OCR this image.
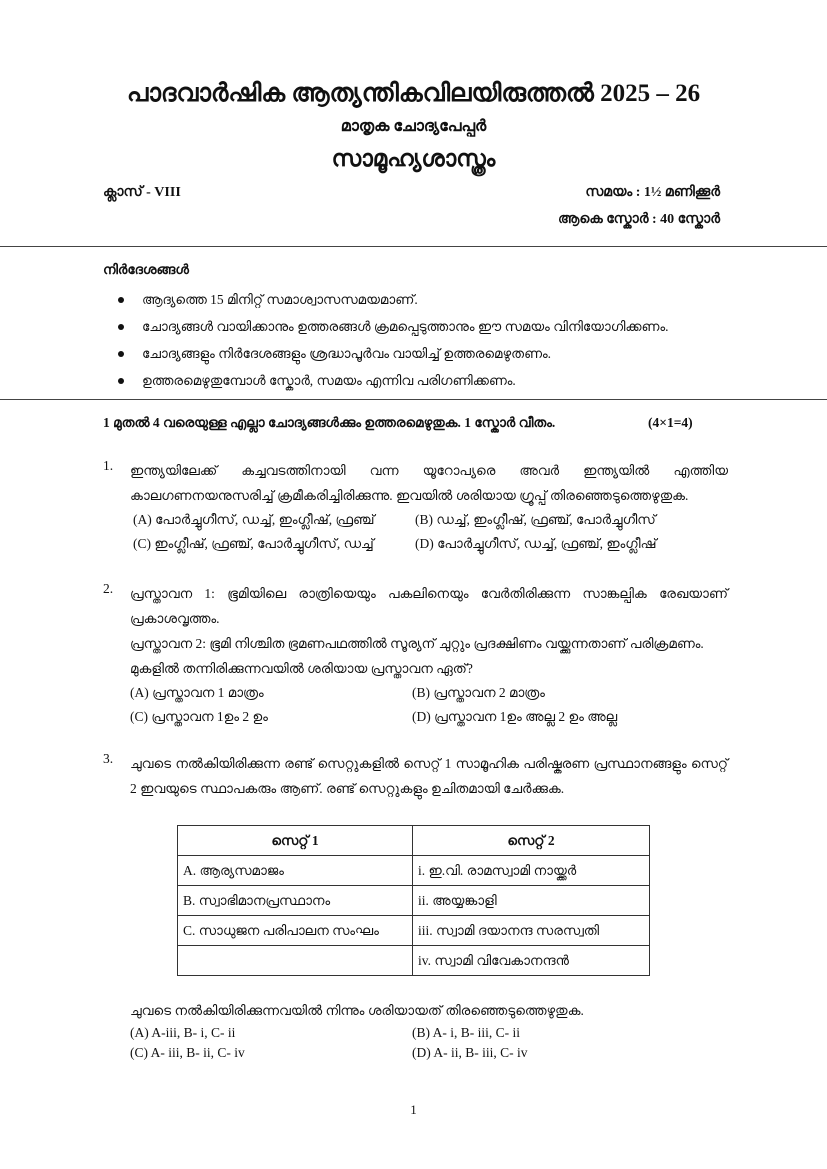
പാദവാർഷിക ആത്യന്തികവിലയിരുത്തൽ 2025 – 26
മാതൃക ചോദ്യപേപ്പർ
സാമൂഹ്യശാസ്ത്രം
ക്ലാസ് - VIII	സമയം : 1½ മണിക്കൂർ
ആകെ സ്കോർ : 40 സ്കോർ
നിർദേശങ്ങൾ
ആദ്യത്തെ 15 മിനിറ്റ് സമാശ്വാസസമയമാണ്.
ചോദ്യങ്ങൾ വായിക്കാനും ഉത്തരങ്ങൾ ക്രമപ്പെടുത്താനും ഈ സമയം വിനിയോഗിക്കണം.
ചോദ്യങ്ങളും നിർദേശങ്ങളും ശ്രദ്ധാപൂർവം വായിച്ച് ഉത്തരമെഴുതണം.
ഉത്തരമെഴുതുമ്പോൾ സ്കോർ, സമയം എന്നിവ പരിഗണിക്കണം.
1 മുതൽ 4 വരെയുള്ള എല്ലാ ചോദ്യങ്ങൾക്കും ഉത്തരമെഴുതുക. 1 സ്കോർ വീതം.	(4×1=4)
1. ഇന്ത്യയിലേക്ക് കച്ചവടത്തിനായി വന്ന യൂറോപ്യരെ അവർ ഇന്ത്യയിൽ എത്തിയ കാലഗണനയനുസരിച്ച് ക്രമീകരിച്ചിരിക്കുന്നു. ഇവയിൽ ശരിയായ ഗ്രൂപ്പ് തിരഞ്ഞെടുത്തെഴുതുക.
(A) പോർച്ചുഗീസ്, ഡച്ച്, ഇംഗ്ലീഷ്, ഫ്രഞ്ച്	(B) ഡച്ച്, ഇംഗ്ലീഷ്, ഫ്രഞ്ച്, പോർച്ചുഗീസ്
(C) ഇംഗ്ലീഷ്, ഫ്രഞ്ച്, പോർച്ചുഗീസ്, ഡച്ച്	(D) പോർച്ചുഗീസ്, ഡച്ച്, ഫ്രഞ്ച്, ഇംഗ്ലീഷ്
2. പ്രസ്താവന 1: ഭൂമിയിലെ രാത്രിയെയും പകലിനെയും വേർതിരിക്കുന്ന സാങ്കല്പിക രേഖയാണ് പ്രകാശവൃത്തം.
പ്രസ്താവന 2: ഭൂമി നിശ്ചിത ഭ്രമണപഥത്തിൽ സൂര്യന് ചുറ്റും പ്രദക്ഷിണം വയ്ക്കുന്നതാണ് പരിക്രമണം.
മുകളിൽ തന്നിരിക്കുന്നവയിൽ ശരിയായ പ്രസ്താവന ഏത്?
(A) പ്രസ്താവന 1 മാത്രം	(B) പ്രസ്താവന 2 മാത്രം
(C) പ്രസ്താവന 1ഉം 2 ഉം	(D) പ്രസ്താവന 1ഉം അല്ല 2 ഉം അല്ല
3. ചുവടെ നൽകിയിരിക്കുന്ന രണ്ട് സെറ്റുകളിൽ സെറ്റ് 1 സാമൂഹിക പരിഷ്കരണ പ്രസ്ഥാനങ്ങളും സെറ്റ് 2 ഇവയുടെ സ്ഥാപകരും ആണ്. രണ്ട് സെറ്റുകളും ഉചിതമായി ചേർക്കുക.
സെറ്റ് 1	സെറ്റ് 2
A. ആര്യസമാജം	i. ഇ.വി. രാമസ്വാമി നായ്ക്കർ
B. സ്വാഭിമാനപ്രസ്ഥാനം	ii. അയ്യങ്കാളി
C. സാധുജന പരിപാലന സംഘം	iii. സ്വാമി ദയാനന്ദ സരസ്വതി
	iv. സ്വാമി വിവേകാനന്ദൻ
ചുവടെ നൽകിയിരിക്കുന്നവയിൽ നിന്നും ശരിയായത് തിരഞ്ഞെടുത്തെഴുതുക.
(A) A-iii, B- i, C- ii	(B) A- i, B- iii, C- ii
(C) A- iii, B- ii, C- iv	(D) A- ii, B- iii, C- iv
1
